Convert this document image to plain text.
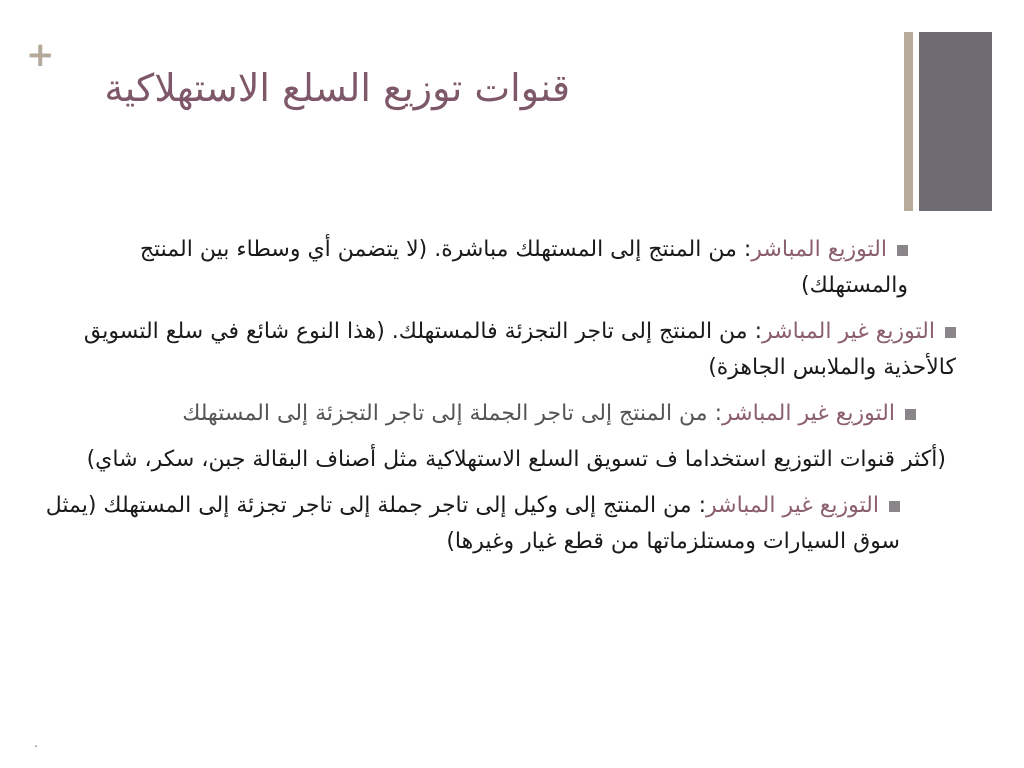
+
قنوات توزيع السلع الاستهلاكية
التوزيع المباشر: من المنتج إلى المستهلك مباشرة. (لا يتضمن أي وسطاء بين المنتج والمستهلك)
التوزيع غير المباشر: من المنتج إلى تاجر التجزئة فالمستهلك. (هذا النوع شائع في سلع التسويق كالأحذية والملابس الجاهزة)
التوزيع غير المباشر: من المنتج إلى تاجر الجملة إلى تاجر التجزئة إلى المستهلك
(أكثر قنوات التوزيع استخداما ف تسويق السلع الاستهلاكية مثل أصناف البقالة جبن، سكر، شاي)
التوزيع غير المباشر: من المنتج إلى وكيل إلى تاجر جملة إلى تاجر تجزئة إلى المستهلك (يمثل سوق السيارات ومستلزماتها من قطع غيار وغيرها)
.
